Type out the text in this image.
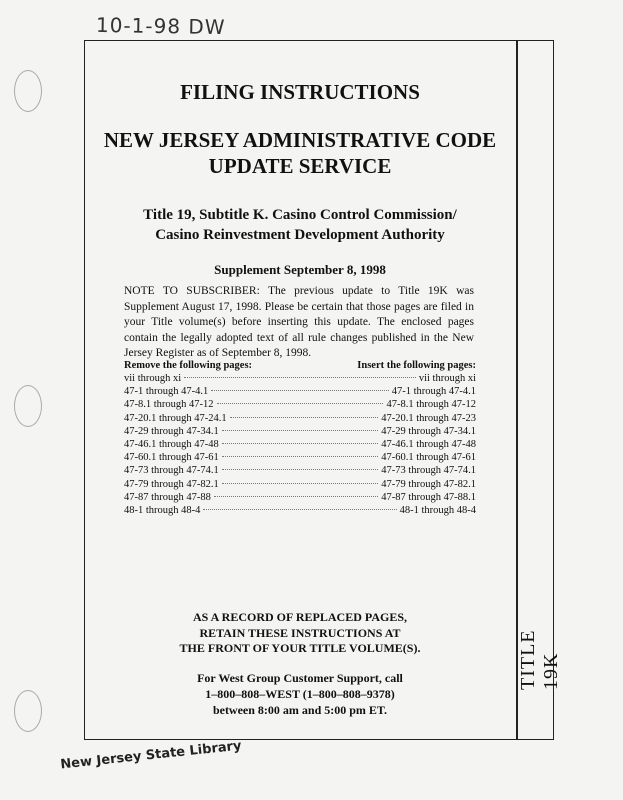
10-1-98 DW
TITLE 19K
FILING INSTRUCTIONS
NEW JERSEY ADMINISTRATIVE CODE
UPDATE SERVICE
Title 19, Subtitle K. Casino Control Commission/
Casino Reinvestment Development Authority
Supplement September 8, 1998
NOTE TO SUBSCRIBER: The previous update to Title 19K was Supplement August 17, 1998. Please be certain that those pages are filed in your Title volume(s) before inserting this update. The enclosed pages contain the legally adopted text of all rule changes published in the New Jersey Register as of September 8, 1998.
Remove the following pages:	Insert the following pages:
vii through xi	vii through xi
47-1 through 47-4.1	47-1 through 47-4.1
47-8.1 through 47-12	47-8.1 through 47-12
47-20.1 through 47-24.1	47-20.1 through 47-23
47-29 through 47-34.1	47-29 through 47-34.1
47-46.1 through 47-48	47-46.1 through 47-48
47-60.1 through 47-61	47-60.1 through 47-61
47-73 through 47-74.1	47-73 through 47-74.1
47-79 through 47-82.1	47-79 through 47-82.1
47-87 through 47-88	47-87 through 47-88.1
48-1 through 48-4	48-1 through 48-4
AS A RECORD OF REPLACED PAGES,
RETAIN THESE INSTRUCTIONS AT
THE FRONT OF YOUR TITLE VOLUME(S).
For West Group Customer Support, call
1–800–808–WEST (1–800–808–9378)
between 8:00 am and 5:00 pm ET.
New Jersey State Library
